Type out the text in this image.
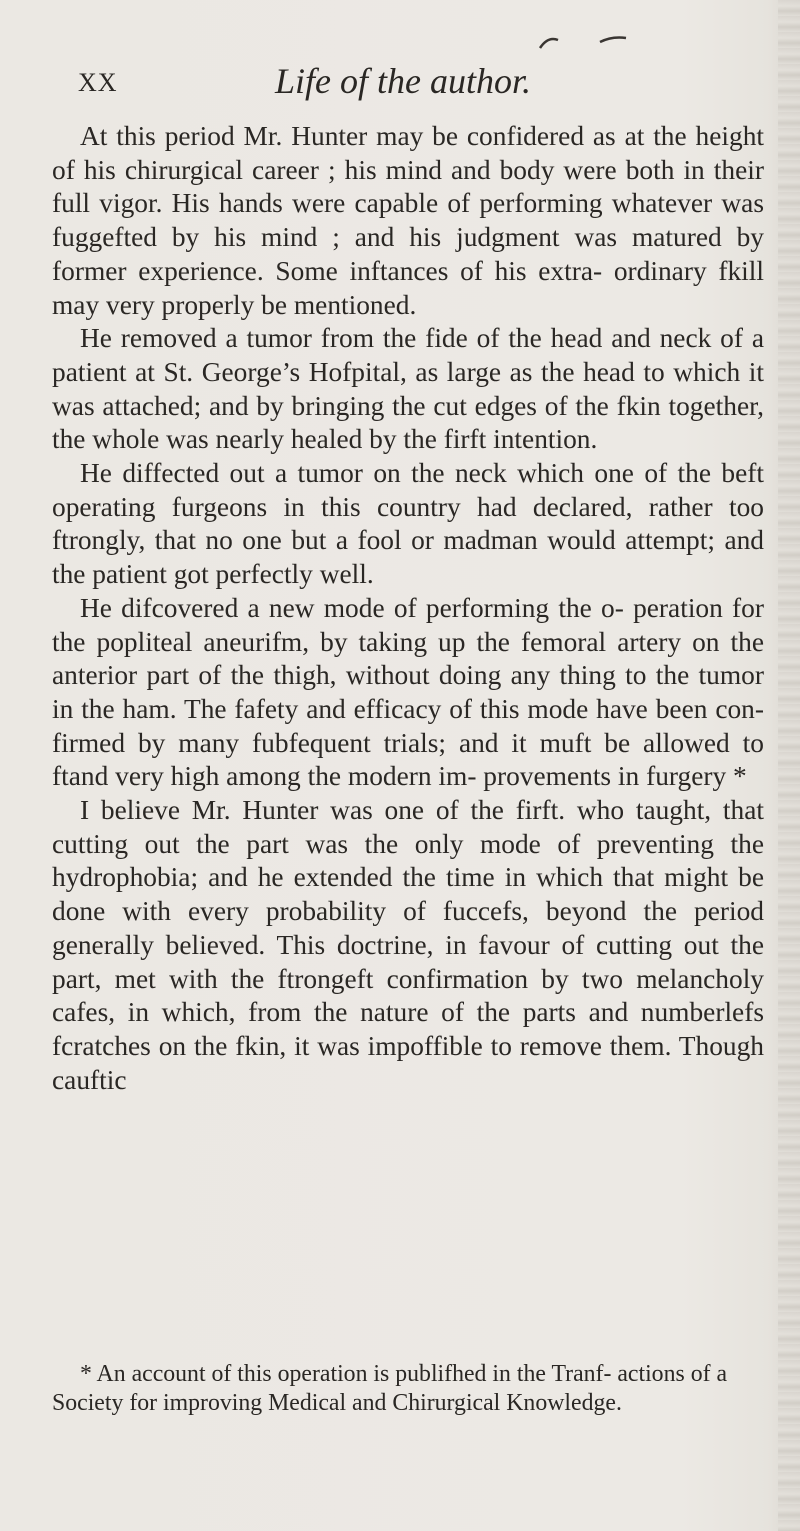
XX	Life of the author.

At this period Mr. Hunter may be confidered as at the height of his chirurgical career ; his mind and body were both in their full vigor. His hands were capable of performing whatever was fuggefted by his mind ; and his judgment was matured by former experience. Some inftances of his extra- ordinary fkill may very properly be mentioned.

He removed a tumor from the fide of the head and neck of a patient at St. George’s Hofpital, as large as the head to which it was attached; and by bringing the cut edges of the fkin together, the whole was nearly healed by the firft intention.

He diffected out a tumor on the neck which one of the beft operating furgeons in this country had declared, rather too ftrongly, that no one but a fool or madman would attempt; and the patient got perfectly well.

He difcovered a new mode of performing the o- peration for the popliteal aneurifm, by taking up the femoral artery on the anterior part of the thigh, without doing any thing to the tumor in the ham. The fafety and efficacy of this mode have been con- firmed by many fubfequent trials; and it muft be allowed to ftand very high among the modern im- provements in furgery *

I believe Mr. Hunter was one of the firft. who taught, that cutting out the part was the only mode of preventing the hydrophobia; and he extended the time in which that might be done with every probability of fuccefs, beyond the period generally believed. This doctrine, in favour of cutting out the part, met with the ftrongeft confirmation by two melancholy cafes, in which, from the nature of the parts and numberlefs fcratches on the fkin, it was impoffible to remove them. Though cauftic

* An account of this operation is publifhed in the Tranf- actions of a Society for improving Medical and Chirurgical Knowledge.
